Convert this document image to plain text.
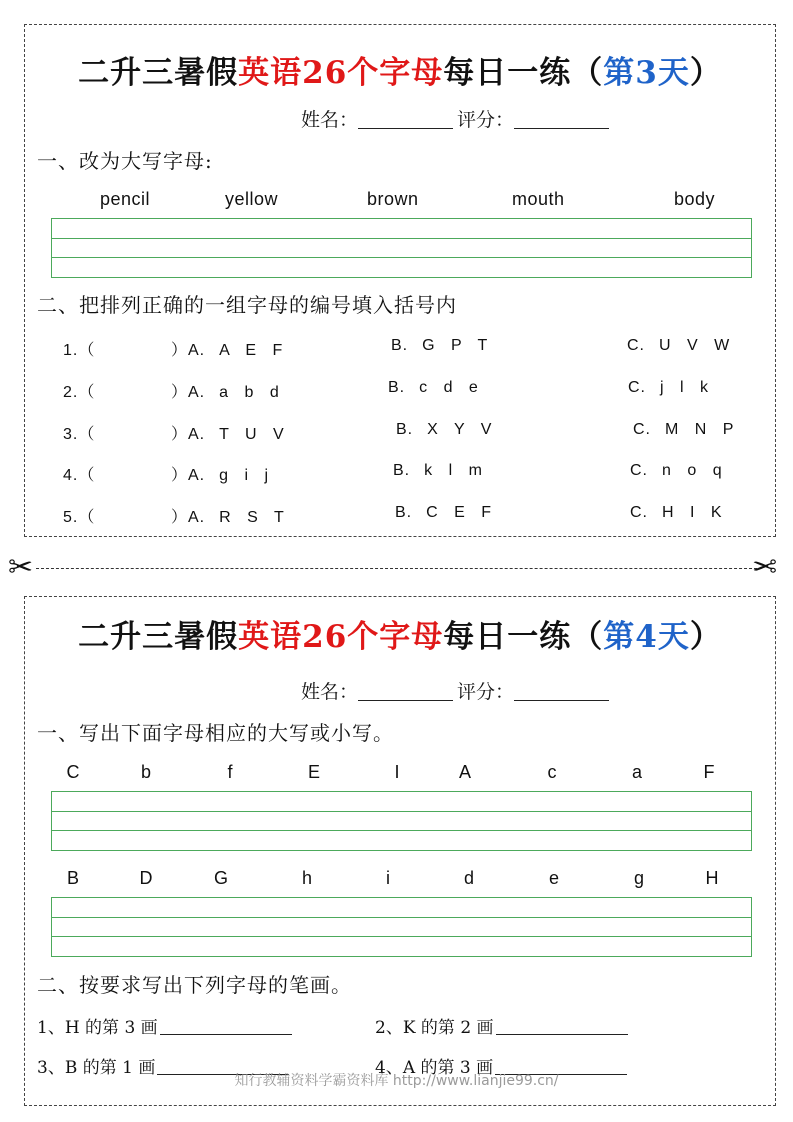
二升三暑假英语26个字母每日一练（第3天）
姓名：	评分：
一、改为大写字母:
pencil	yellow	brown	mouth	body
二、把排列正确的一组字母的编号填入括号内
1.（	）A. A E F	B. G P T	C. U V W
2.（	）A. a b d	B. c d e	C. j l k
3.（	）A. T U V	B. X Y V	C. M N P
4.（	）A. g i j	B. k l m	C. n o q
5.（	）A. R S T	B. C E F	C. H I K
✂	✂
二升三暑假英语26个字母每日一练（第4天）
姓名：	评分：
一、写出下面字母相应的大写或小写。
C	b	f	E	I	A	c	a	F
B	D	G	h	i	d	e	g	H
二、按要求写出下列字母的笔画。
1、H 的第 3 画	2、K 的第 2 画
3、B 的第 1 画	4、A 的第 3 画
知行教辅资料学霸资料库 http://www.lianjie99.cn/
